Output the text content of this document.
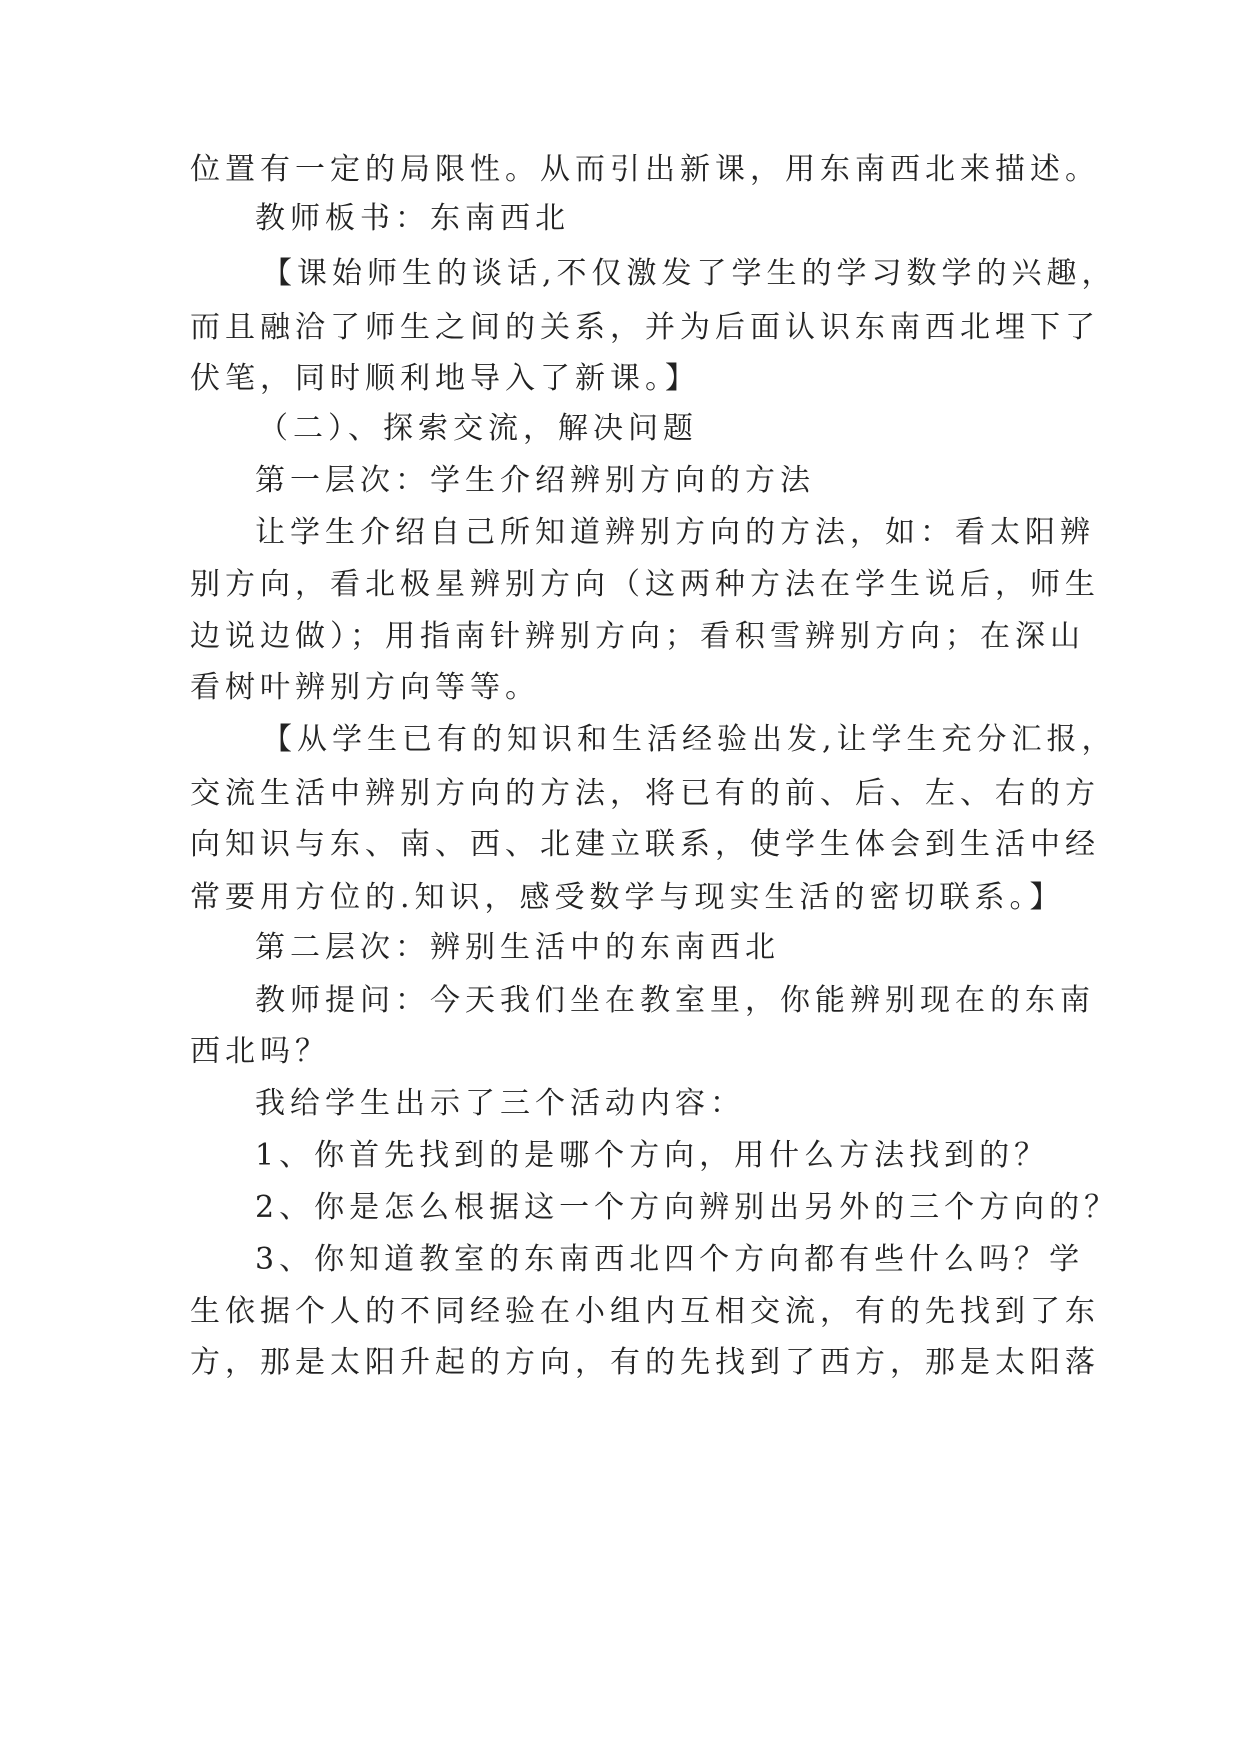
位置有一定的局限性。从而引出新课，用东南西北来描述。
教师板书：东南西北
【课始师生的谈话,不仅激发了学生的学习数学的兴趣，
而且融洽了师生之间的关系，并为后面认识东南西北埋下了
伏笔，同时顺利地导入了新课。】
（二）、探索交流，解决问题
第一层次：学生介绍辨别方向的方法
让学生介绍自己所知道辨别方向的方法，如：看太阳辨
别方向，看北极星辨别方向（这两种方法在学生说后，师生
边说边做）；用指南针辨别方向；看积雪辨别方向；在深山
看树叶辨别方向等等。
【从学生已有的知识和生活经验出发,让学生充分汇报，
交流生活中辨别方向的方法，将已有的前、后、左、右的方
向知识与东、南、西、北建立联系，使学生体会到生活中经
常要用方位的.知识，感受数学与现实生活的密切联系。】
第二层次：辨别生活中的东南西北
教师提问：今天我们坐在教室里，你能辨别现在的东南
西北吗？
我给学生出示了三个活动内容：
1、你首先找到的是哪个方向，用什么方法找到的？
2、你是怎么根据这一个方向辨别出另外的三个方向的？
3、你知道教室的东南西北四个方向都有些什么吗？学
生依据个人的不同经验在小组内互相交流，有的先找到了东
方，那是太阳升起的方向，有的先找到了西方，那是太阳落
